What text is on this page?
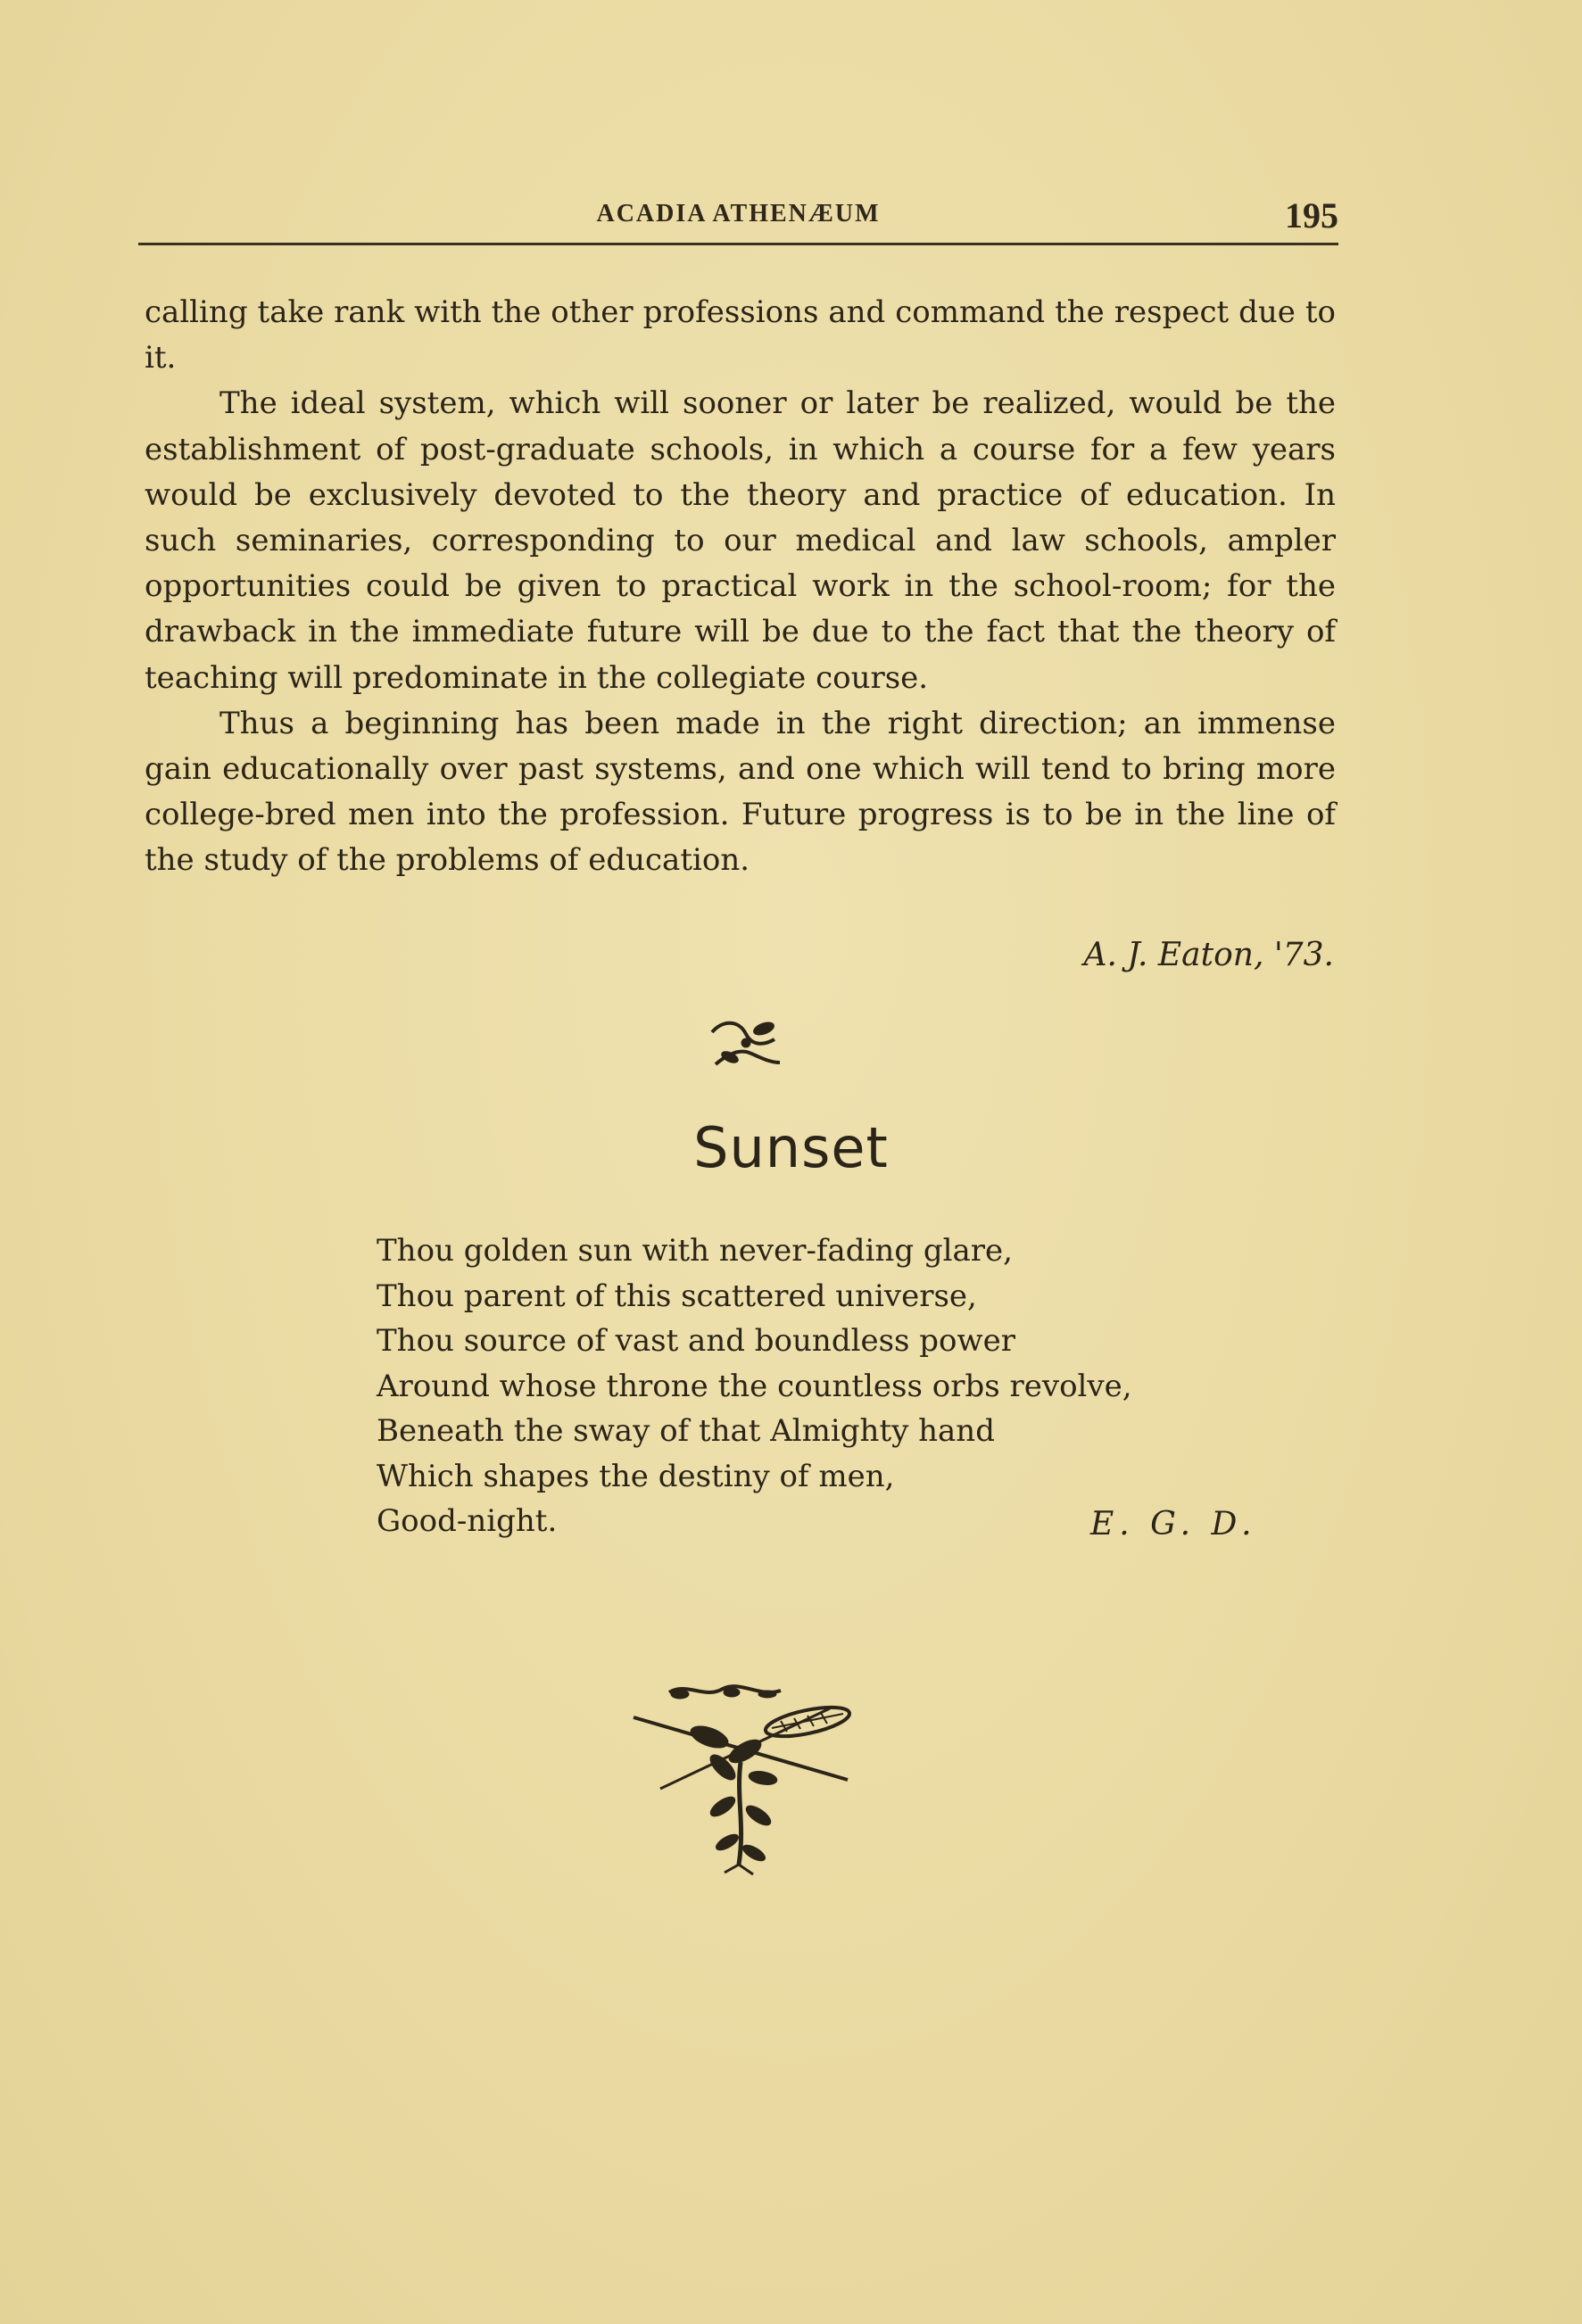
ACADIA ATHENÆUM	195

calling take rank with the other professions and command the respect due to it.

The ideal system, which will sooner or later be realized, would be the establishment of post-graduate schools, in which a course for a few years would be exclusively devoted to the theory and practice of education. In such seminaries, corresponding to our medical and law schools, ampler opportunities could be given to practical work in the school-room; for the drawback in the immediate future will be due to the fact that the theory of teaching will predominate in the collegiate course.

Thus a beginning has been made in the right direction; an immense gain educationally over past systems, and one which will tend to bring more college-bred men into the profession. Future progress is to be in the line of the study of the problems of education.

A. J. Eaton, '73.
Sunset
Thou golden sun with never-fading glare,
Thou parent of this scattered universe,
Thou source of vast and boundless power
Around whose throne the countless orbs revolve,
Beneath the sway of that Almighty hand
Which shapes the destiny of men,
Good-night.	E. G. D.
